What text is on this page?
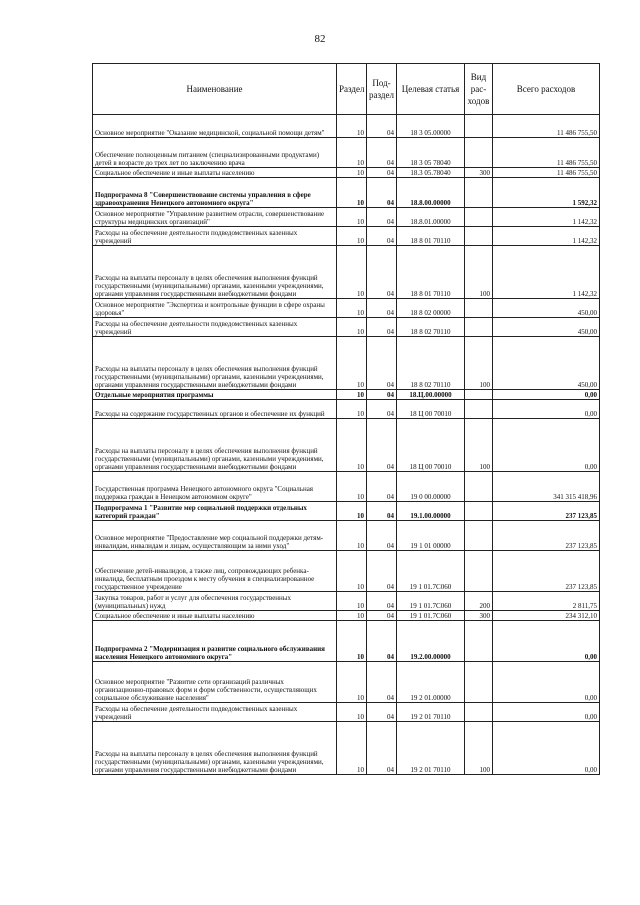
82
Наименование	Раздел	Под-раздел	Целевая статья	Вид рас-ходов	Всего расходов
Основное мероприятие "Оказание медицинской, социальной помощи детям"	10	04	18 3 05.00000		11 486 755,50
Обеспечение полноценным питанием (специализированными продуктами) детей в возрасте до трех лет по заключению врача	10	04	18 3 05 78040		11 486 755,50
Социальное обеспечение и иные выплаты населению	10	04	18.3 05.78040	300	11 486 755,50
Подпрограмма 8 "Совершенствование системы управления в сфере здравоохранения Ненецкого автономного округа"	10	04	18.8.00.00000		1 592,32
Основное мероприятие "Управление развитием отрасли, совершенствование структуры медицинских организаций"	10	04	18.8.01.00000		1 142,32
Расходы на обеспечение деятельности подведомственных казенных учреждений	10	04	18 8 01 70110		1 142,32
Расходы на выплаты персоналу в целях обеспечения выполнения функций государственными (муниципальными) органами, казенными учреждениями, органами управления государственными внебюджетными фондами	10	04	18 8 01 70110	100	1 142,32
Основное мероприятие "Экспертиза и контрольные функции в сфере охраны здоровья"	10	04	18 8 02 00000		450,00
Расходы на обеспечение деятельности подведомственных казенных учреждений	10	04	18 8 02 70110		450,00
Расходы на выплаты персоналу в целях обеспечения выполнения функций государственными (муниципальными) органами, казенными учреждениями, органами управления государственными внебюджетными фондами	10	04	18 8 02 70110	100	450,00
Отдельные мероприятия программы	10	04	18.Ц.00.00000		0,00
Расходы на содержание государственных органов и обеспечение их функций	10	04	18 Ц 00 70010		0,00
Расходы на выплаты персоналу в целях обеспечения выполнения функций государственными (муниципальными) органами, казенными учреждениями, органами управления государственными внебюджетными фондами	10	04	18 Ц 00 70010	100	0,00
Государственная программа Ненецкого автономного округа "Социальная поддержка граждан в Ненецком автономном округе"	10	04	19 0 00.00000		341 315 418,96
Подпрограмма 1 "Развитие мер социальной поддержки отдельных категорий граждан"	10	04	19.1.00.00000		237 123,85
Основное мероприятие "Предоставление мер социальной поддержки детям-инвалидам, инвалидам и лицам, осуществляющим за ними уход"	10	04	19 1 01 00000		237 123,85
Обеспечение детей-инвалидов, а также лиц, сопровождающих ребенка-инвалида, бесплатным проездом к месту обучения в специализированное государственное учреждение	10	04	19 1 01.7C060		237 123,85
Закупка товаров, работ и услуг для обеспечения государственных (муниципальных) нужд	10	04	19 1 01.7C060	200	2 811,75
Социальное обеспечение и иные выплаты населению	10	04	19 1 01.7C060	300	234 312,10
Подпрограмма 2 "Модернизация и развитие социального обслуживания населения Ненецкого автономного округа"	10	04	19.2.00.00000		0,00
Основное мероприятие "Развитие сети организаций различных организационно-правовых форм и форм собственности, осуществляющих социальное обслуживание населения"	10	04	19 2 01.00000		0,00
Расходы на обеспечение деятельности подведомственных казенных учреждений	10	04	19 2 01 70110		0,00
Расходы на выплаты персоналу в целях обеспечения выполнения функций государственными (муниципальными) органами, казенными учреждениями, органами управления государственными внебюджетными фондами	10	04	19 2 01 70110	100	0,00
